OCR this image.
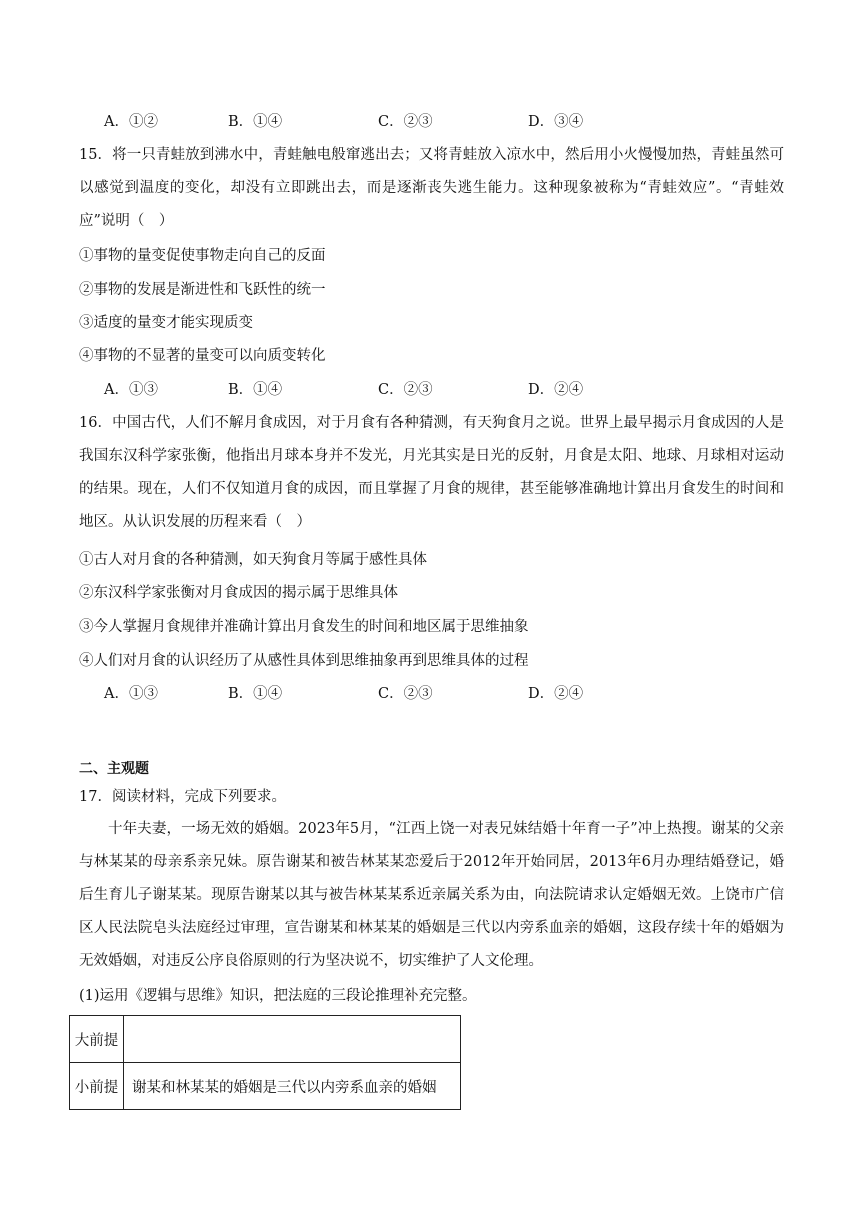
A．①②	B．①④	C．②③	D．③④
15．将一只青蛙放到沸水中，青蛙触电般窜逃出去；又将青蛙放入凉水中，然后用小火慢慢加热，青蛙虽然可以感觉到温度的变化，却没有立即跳出去，而是逐渐丧失逃生能力。这种现象被称为“青蛙效应”。“青蛙效应”说明（　）
①事物的量变促使事物走向自己的反面
②事物的发展是渐进性和飞跃性的统一
③适度的量变才能实现质变
④事物的不显著的量变可以向质变转化
A．①③	B．①④	C．②③	D．②④
16．中国古代，人们不解月食成因，对于月食有各种猜测，有天狗食月之说。世界上最早揭示月食成因的人是我国东汉科学家张衡，他指出月球本身并不发光，月光其实是日光的反射，月食是太阳、地球、月球相对运动的结果。现在，人们不仅知道月食的成因，而且掌握了月食的规律，甚至能够准确地计算出月食发生的时间和地区。从认识发展的历程来看（　）
①古人对月食的各种猜测，如天狗食月等属于感性具体
②东汉科学家张衡对月食成因的揭示属于思维具体
③今人掌握月食规律并准确计算出月食发生的时间和地区属于思维抽象
④人们对月食的认识经历了从感性具体到思维抽象再到思维具体的过程
A．①③	B．①④	C．②③	D．②④
二、主观题
17．阅读材料，完成下列要求。
十年夫妻，一场无效的婚姻。2023年5月，“江西上饶一对表兄妹结婚十年育一子”冲上热搜。谢某的父亲与林某某的母亲系亲兄妹。原告谢某和被告林某某恋爱后于2012年开始同居，2013年6月办理结婚登记，婚后生育儿子谢某某。现原告谢某以其与被告林某某系近亲属关系为由，向法院请求认定婚姻无效。上饶市广信区人民法院皂头法庭经过审理，宣告谢某和林某某的婚姻是三代以内旁系血亲的婚姻，这段存续十年的婚姻为无效婚姻，对违反公序良俗原则的行为坚决说不，切实维护了人文伦理。
(1)运用《逻辑与思维》知识，把法庭的三段论推理补充完整。
大前提	
小前提	谢某和林某某的婚姻是三代以内旁系血亲的婚姻
